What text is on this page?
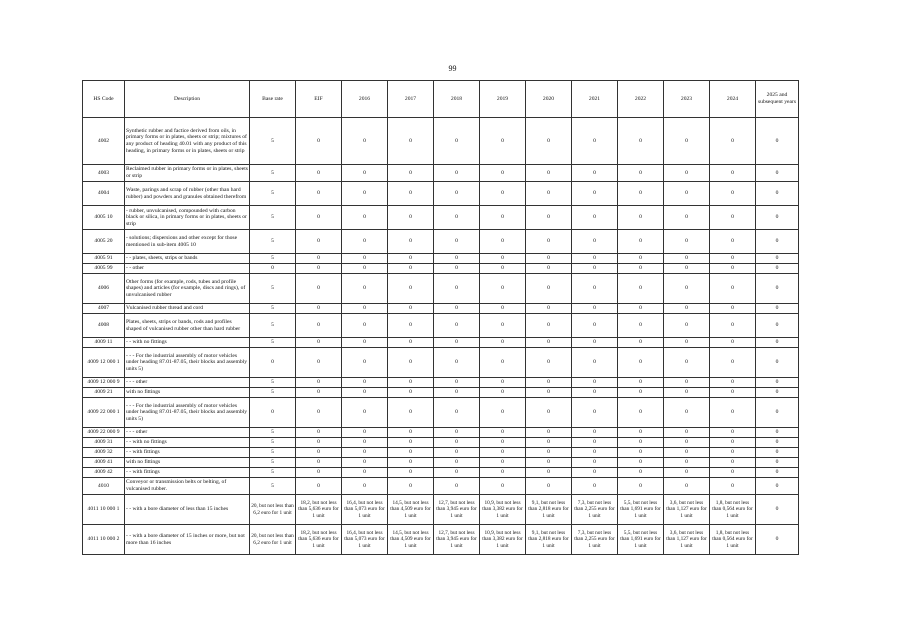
99
HS Code	Description	Base rate	EIF	2016	2017	2018	2019	2020	2021	2022	2023	2024	2025 and subsequent years
4002	Synthetic rubber and factice derived from oils, in primary forms or in plates, sheets or strip; mixtures of any product of heading 40.01 with any product of this heading, in primary forms or in plates, sheets or strip	5	0	0	0	0	0	0	0	0	0	0	0
4003	Reclaimed rubber in primary forms or in plates, sheets or strip	5	0	0	0	0	0	0	0	0	0	0	0
4004	Waste, parings and scrap of rubber (other than hard rubber) and powders and granules obtained therefrom	5	0	0	0	0	0	0	0	0	0	0	0
4005 10	- rubber, unvulcanised, compounded with carbon black or silica, in primary forms or in plates, sheets or strip	5	0	0	0	0	0	0	0	0	0	0	0
4005 20	- solutions; dispersions and other except for those mentioned in sub-item 4005 10	5	0	0	0	0	0	0	0	0	0	0	0
4005 91	- - plates, sheets, strips or bands	5	0	0	0	0	0	0	0	0	0	0	0
4005 99	- - other	0	0	0	0	0	0	0	0	0	0	0	0
4006	Other forms (for example, rods, tubes and profile shapes) and articles (for example, discs and rings), of unvulcanised rubber	5	0	0	0	0	0	0	0	0	0	0	0
4007	Vulcanised rubber thread and cord	5	0	0	0	0	0	0	0	0	0	0	0
4008	Plates, sheets, strips or bands, rods and profiles shaped of vulcanised rubber other than hard rubber	5	0	0	0	0	0	0	0	0	0	0	0
4009 11	- - with no fittings	5	0	0	0	0	0	0	0	0	0	0	0
4009 12 000 1	- - - For the industrial assembly of motor vehicles under heading 87.01-87.05, their blocks and assembly units 5)	0	0	0	0	0	0	0	0	0	0	0	0
4009 12 000 9	- - - other	5	0	0	0	0	0	0	0	0	0	0	0
4009 21	with no fittings	5	0	0	0	0	0	0	0	0	0	0	0
4009 22 000 1	- - - For the industrial assembly of motor vehicles under heading 87.01-87.05, their blocks and assembly units 5)	0	0	0	0	0	0	0	0	0	0	0	0
4009 22 000 9	- - - other	5	0	0	0	0	0	0	0	0	0	0	0
4009 31	- - with no fittings	5	0	0	0	0	0	0	0	0	0	0	0
4009 32	- - with fittings	5	0	0	0	0	0	0	0	0	0	0	0
4009 41	with no fittings	5	0	0	0	0	0	0	0	0	0	0	0
4009 42	- - with fittings	5	0	0	0	0	0	0	0	0	0	0	0
4010	Conveyor or transmission belts or belting, of vulcanised rubber.	5	0	0	0	0	0	0	0	0	0	0	0
4011 10 000 1	- - with a bore diameter of less than 15 inches	20, but not less than 6,2 euro for 1 unit	18,2, but not less than 5,636 euro for 1 unit	16,4, but not less than 5,073 euro for 1 unit	14,5, but not less than 4,509 euro for 1 unit	12,7, but not less than 3,945 euro for 1 unit	10,9, but not less than 3,382 euro for 1 unit	9,1, but not less than 2,818 euro for 1 unit	7,3, but not less than 2,255 euro for 1 unit	5,5, but not less than 1,691 euro for 1 unit	3,6, but not less than 1,127 euro for 1 unit	1,8, but not less than 0,564 euro for 1 unit	0
4011 10 000 2	- - with a bore diameter of 15 inches or more, but not more than 16 inches	20, but not less than 6,2 euro for 1 unit	18,2, but not less than 5,636 euro for 1 unit	16,4, but not less than 5,073 euro for 1 unit	14,5, but not less than 4,509 euro for 1 unit	12,7, but not less than 3,945 euro for 1 unit	10,9, but not less than 3,382 euro for 1 unit	9,1, but not less than 2,818 euro for 1 unit	7,3, but not less than 2,255 euro for 1 unit	5,5, but not less than 1,691 euro for 1 unit	3,6, but not less than 1,127 euro for 1 unit	1,8, but not less than 0,564 euro for 1 unit	0
